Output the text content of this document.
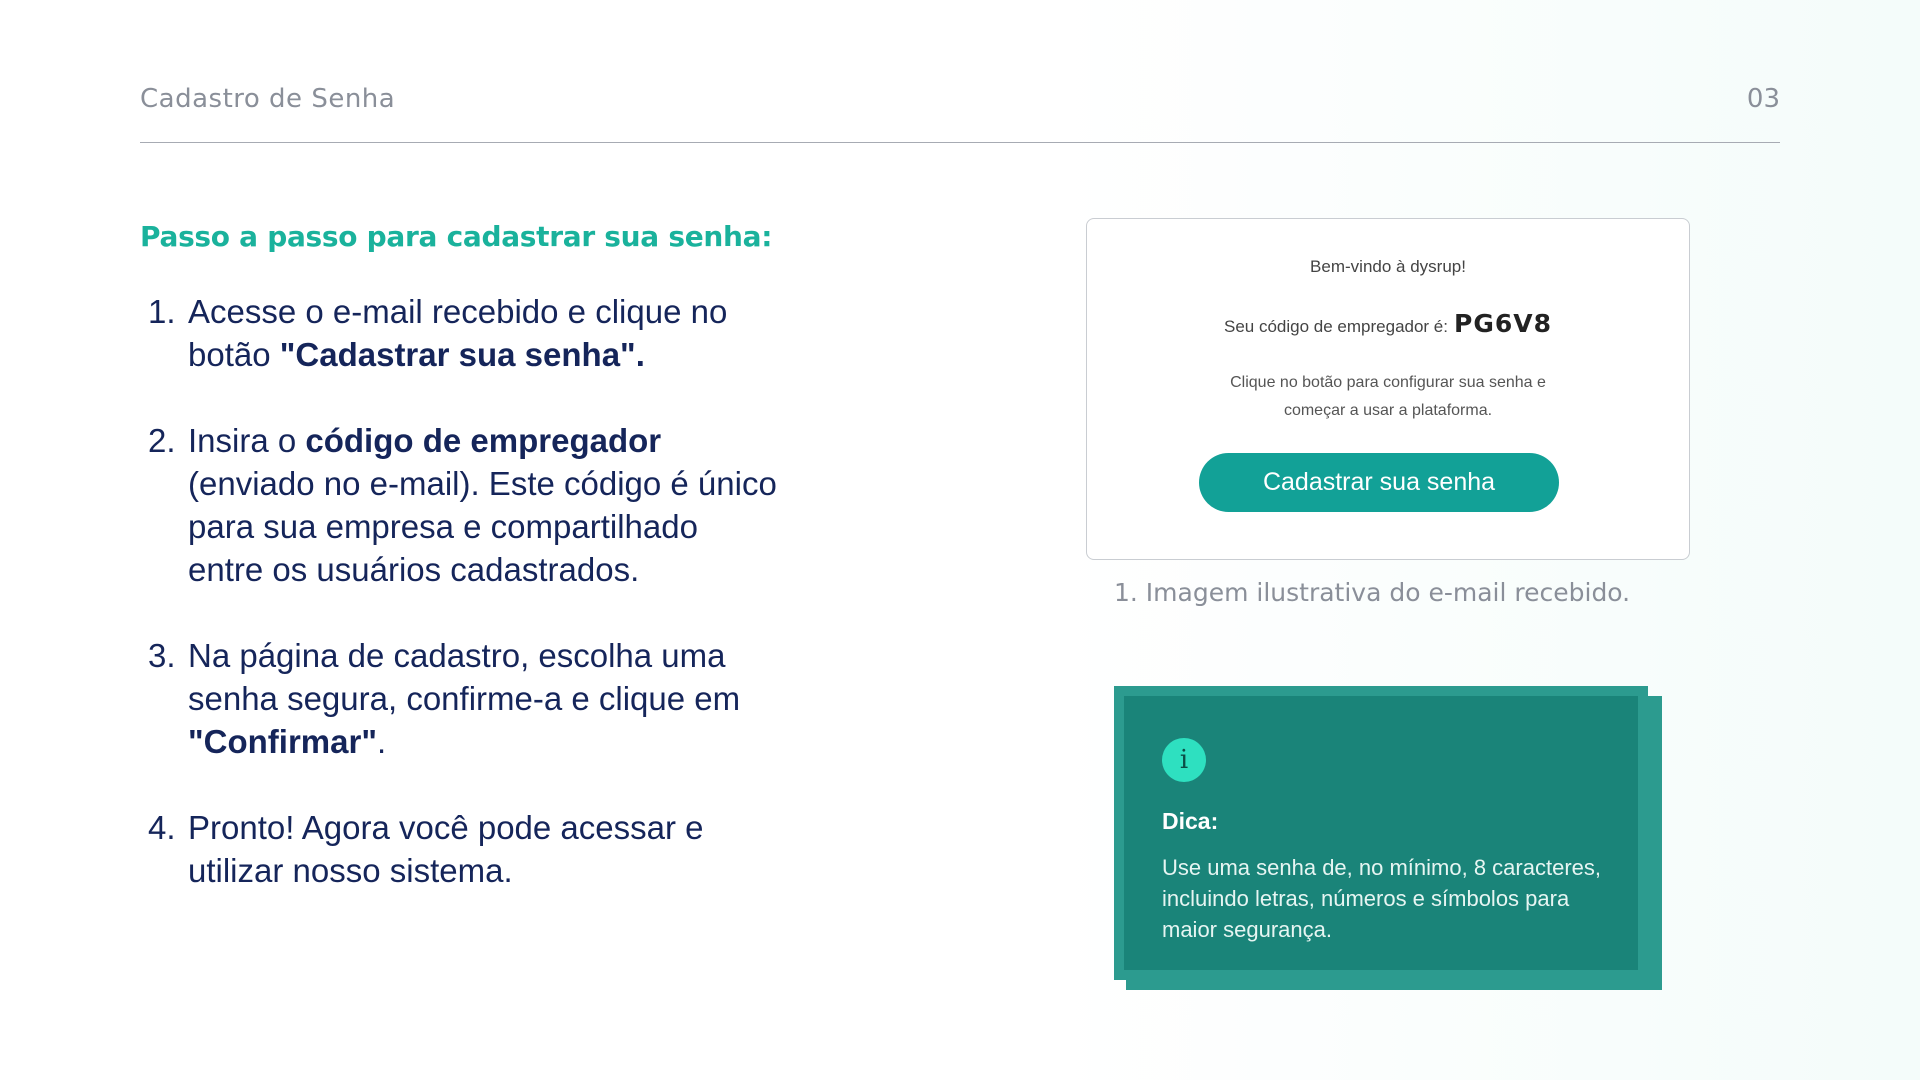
Cadastro de Senha	03
Passo a passo para cadastrar sua senha:
1. Acesse o e-mail recebido e clique no botão "Cadastrar sua senha".
2. Insira o código de empregador (enviado no e-mail). Este código é único para sua empresa e compartilhado entre os usuários cadastrados.
3. Na página de cadastro, escolha uma senha segura, confirme-a e clique em "Confirmar".
4. Pronto! Agora você pode acessar e utilizar nosso sistema.
Bem-vindo à dysrup!
Seu código de empregador é: PG6V8
Clique no botão para configurar sua senha e
começar a usar a plataforma.
Cadastrar sua senha
1. Imagem ilustrativa do e-mail recebido.
i
Dica:
Use uma senha de, no mínimo, 8 caracteres, incluindo letras, números e símbolos para maior segurança.
